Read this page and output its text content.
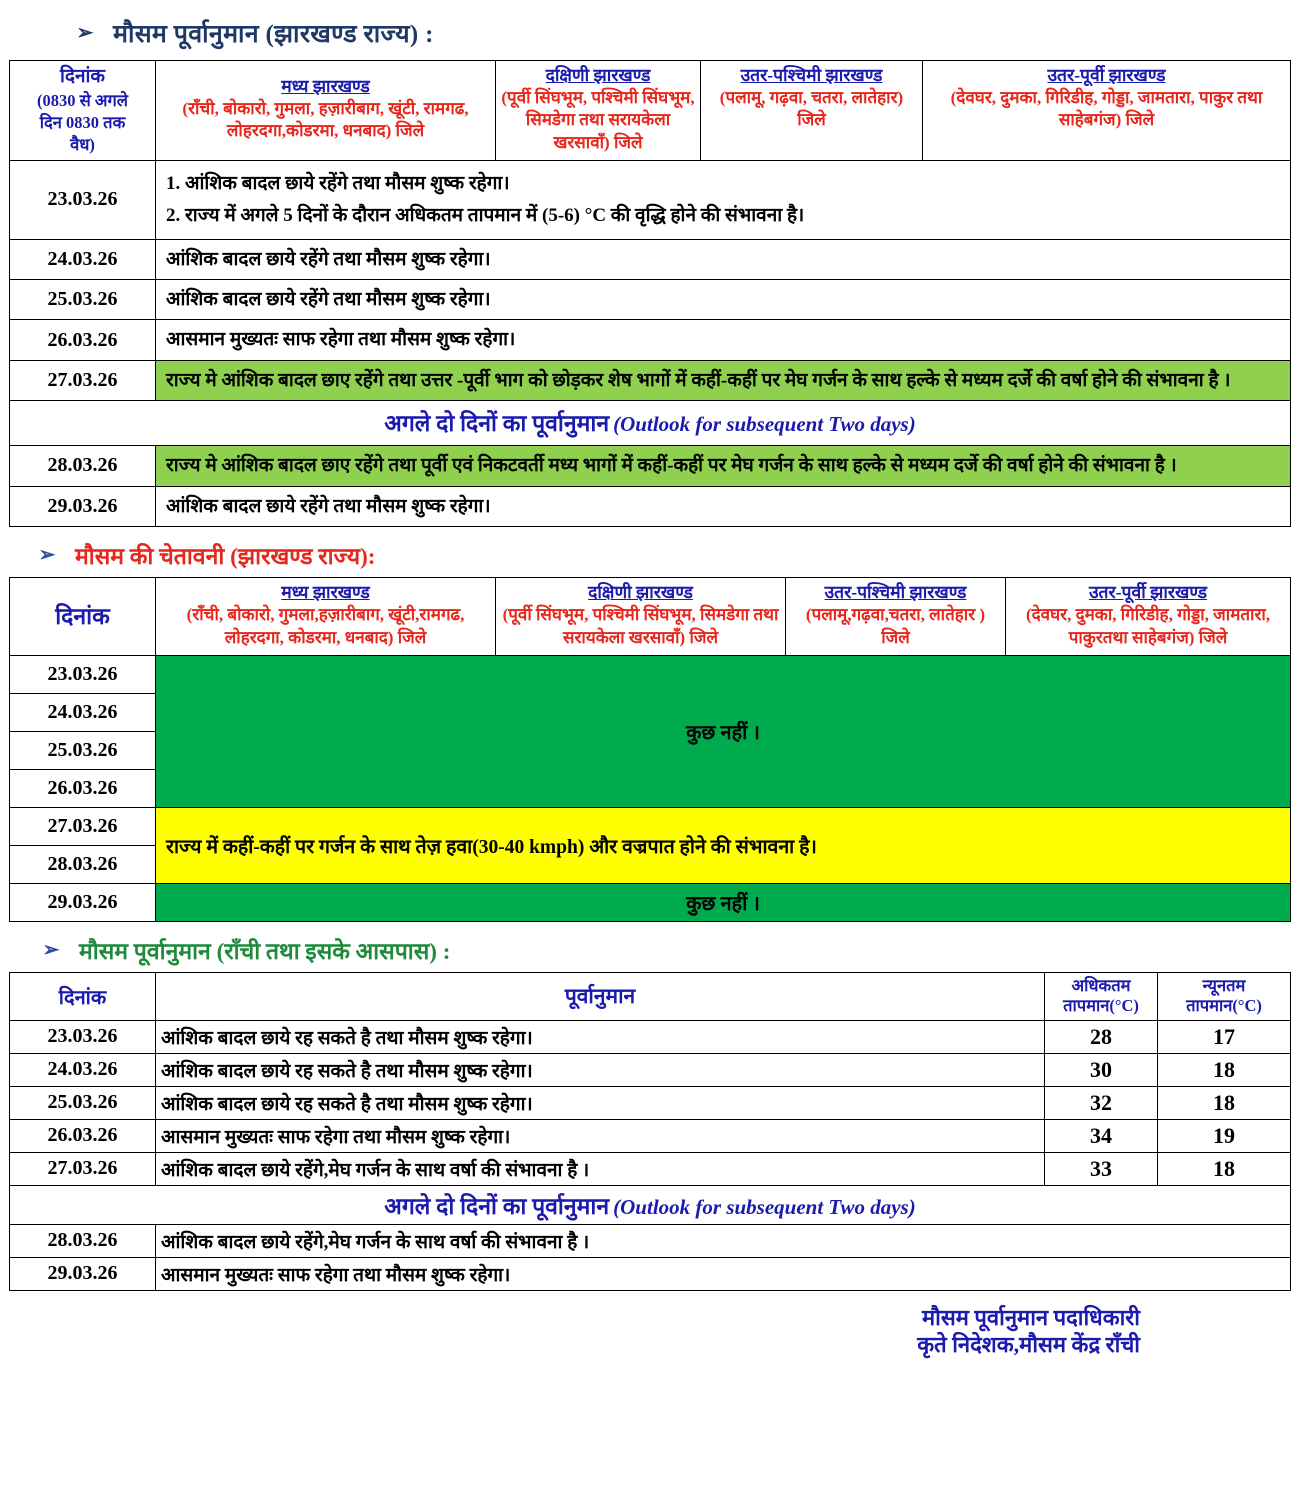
➢ मौसम पूर्वानुमान (झारखण्ड राज्य) :
दिनांक
(0830 से अगले
दिन 0830 तक
वैध)	मध्य झारखण्ड
(राँची, बोकारो, गुमला, हज़ारीबाग, खूंटी, रामगढ, लोहरदगा,कोडरमा, धनबाद) जिले	दक्षिणी झारखण्ड
(पूर्वी सिंघभूम, पश्चिमी सिंघभूम, सिमडेगा तथा सरायकेला खरसावाँ) जिले	उतर-पश्चिमी झारखण्ड
(पलामू, गढ़वा, चतरा, लातेहार) जिले	उतर-पूर्वी झारखण्ड
(देवघर, दुमका, गिरिडीह, गोड्डा, जामतारा, पाकुर तथा साहेबगंज) जिले

23.03.26	1. आंशिक बादल छाये रहेंगे तथा मौसम शुष्क रहेगा।

2. राज्य में अगले 5 दिनों के दौरान अधिकतम तापमान में (5-6) °C की वृद्धि होने की संभावना है।			

24.03.26	आंशिक बादल छाये रहेंगे तथा मौसम शुष्क रहेगा।			
25.03.26	आंशिक बादल छाये रहेंगे तथा मौसम शुष्क रहेगा।			
26.03.26	आसमान मुख्यतः साफ रहेगा तथा मौसम शुष्क रहेगा।			
27.03.26	राज्य मे आंशिक बादल छाए रहेंगे तथा उत्तर -पूर्वी भाग को छोड़कर शेष भागों में कहीं-कहीं पर मेघ गर्जन के साथ हल्के से मध्यम दर्जे की वर्षा होने की संभावना है ।			
अगले दो दिनों का पूर्वानुमान (Outlook for subsequent Two days)				
28.03.26	राज्य मे आंशिक बादल छाए रहेंगे तथा पूर्वी एवं निकटवर्ती मध्य भागों में कहीं-कहीं पर मेघ गर्जन के साथ हल्के से मध्यम दर्जे की वर्षा होने की संभावना है ।			
29.03.26	आंशिक बादल छाये रहेंगे तथा मौसम शुष्क रहेगा।			
➢ मौसम की चेतावनी (झारखण्ड राज्य):
दिनांक	मध्य झारखण्ड
(राँची, बोकारो, गुमला,हज़ारीबाग, खूंटी,रामगढ, लोहरदगा, कोडरमा, धनबाद) जिले	दक्षिणी झारखण्ड
(पूर्वी सिंघभूम, पश्चिमी सिंघभूम, सिमडेगा तथा सरायकेला खरसावाँ) जिले	उतर-पश्चिमी झारखण्ड
(पलामू,गढ़वा,चतरा, लातेहार ) जिले	उतर-पूर्वी झारखण्ड
(देवघर, दुमका, गिरिडीह, गोड्डा, जामतारा, पाकुरतथा साहेबगंज) जिले

23.03.26	कुछ नहीं ।			
24.03.26				
25.03.26				
26.03.26				
27.03.26	राज्य में कहीं-कहीं पर गर्जन के साथ तेज़ हवा(30-40 kmph) और वज्रपात होने की संभावना है।			
28.03.26				
29.03.26	कुछ नहीं ।			
➢ मौसम पूर्वानुमान (राँची तथा इसके आसपास) :
दिनांक	पूर्वानुमान	अधिकतम
तापमान(°C)	न्यूनतम
तापमान(°C)
23.03.26	आंशिक बादल छाये रह सकते है तथा मौसम शुष्क रहेगा।	28	17
24.03.26	आंशिक बादल छाये रह सकते है तथा मौसम शुष्क रहेगा।	30	18
25.03.26	आंशिक बादल छाये रह सकते है तथा मौसम शुष्क रहेगा।	32	18
26.03.26	आसमान मुख्यतः साफ रहेगा तथा मौसम शुष्क रहेगा।	34	19
27.03.26	आंशिक बादल छाये रहेंगे,मेघ गर्जन के साथ वर्षा की संभावना है ।	33	18
अगले दो दिनों का पूर्वानुमान (Outlook for subsequent Two days)			
28.03.26	आंशिक बादल छाये रहेंगे,मेघ गर्जन के साथ वर्षा की संभावना है ।		
29.03.26	आसमान मुख्यतः साफ रहेगा तथा मौसम शुष्क रहेगा।		
मौसम पूर्वानुमान पदाधिकारी
कृते निदेशक,मौसम केंद्र राँची
